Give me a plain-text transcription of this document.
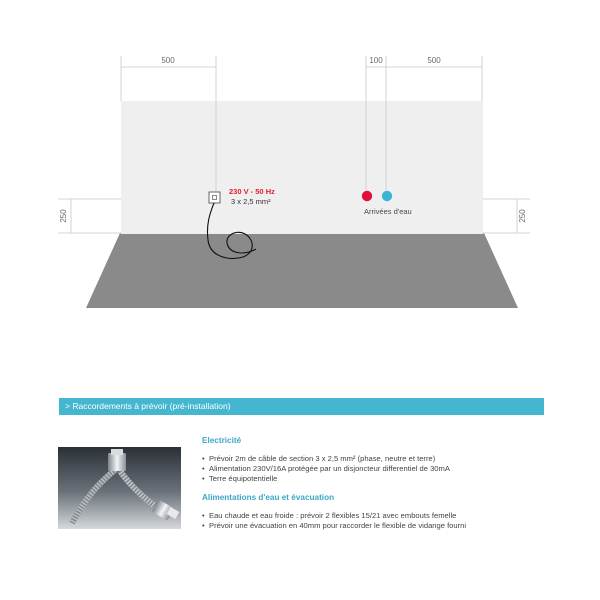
500	100	500
250	250
230 V - 50 Hz
3 x 2,5 mm²
Arrivées d'eau
> Raccordements à prévoir (pré-installation)
Electricité
• Prévoir 2m de câble de section 3 x 2,5 mm² (phase, neutre et terre)
• Alimentation 230V/16A protégée par un disjoncteur differentiel de 30mA
• Terre équipotentielle
Alimentations d'eau et évacuation
• Eau chaude et eau froide : prévoir 2 flexibles 15/21 avec embouts femelle
• Prévoir une évacuation en 40mm pour raccorder le flexible de vidange fourni
